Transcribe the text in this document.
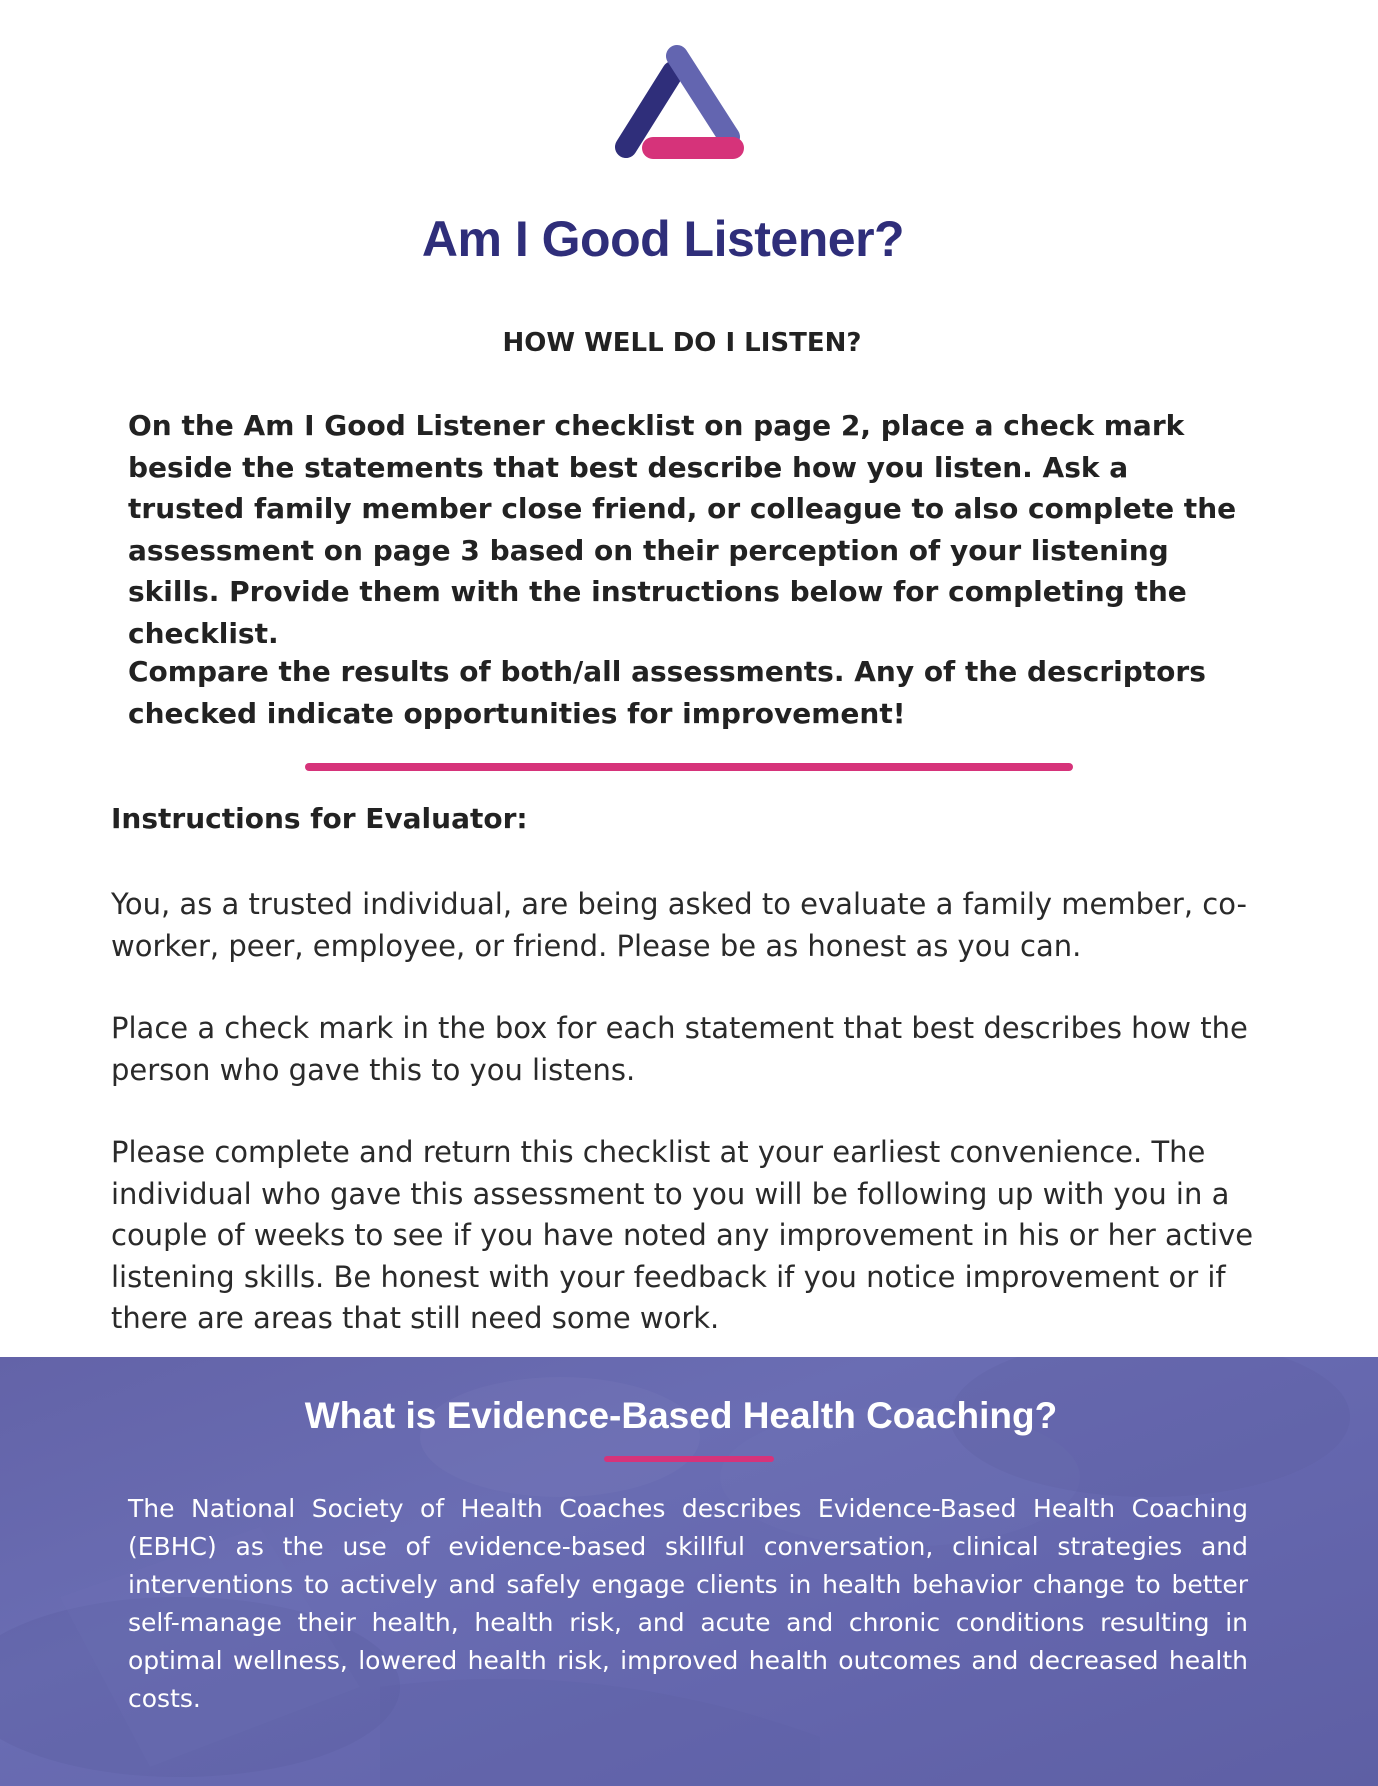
Am I Good Listener?
HOW WELL DO I LISTEN?

On the Am I Good Listener checklist on page 2, place a check mark beside the statements that best describe how you listen. Ask a trusted family member close friend, or colleague to also complete the assessment on page 3 based on their perception of your listening skills. Provide them with the instructions below for completing the checklist.

Compare the results of both/all assessments. Any of the descriptors checked indicate opportunities for improvement!

Instructions for Evaluator:

You, as a trusted individual, are being asked to evaluate a family member, co-worker, peer, employee, or friend. Please be as honest as you can.

Place a check mark in the box for each statement that best describes how the person who gave this to you listens.

Please complete and return this checklist at your earliest convenience. The individual who gave this assessment to you will be following up with you in a couple of weeks to see if you have noted any improvement in his or her active listening skills. Be honest with your feedback if you notice improvement or if there are areas that still need some work.

What is Evidence-Based Health Coaching?

The National Society of Health Coaches describes Evidence-Based Health Coaching (EBHC) as the use of evidence-based skillful conversation, clinical strategies and interventions to actively and safely engage clients in health behavior change to better self-manage their health, health risk, and acute and chronic conditions resulting in optimal wellness, lowered health risk, improved health outcomes and decreased health costs.
